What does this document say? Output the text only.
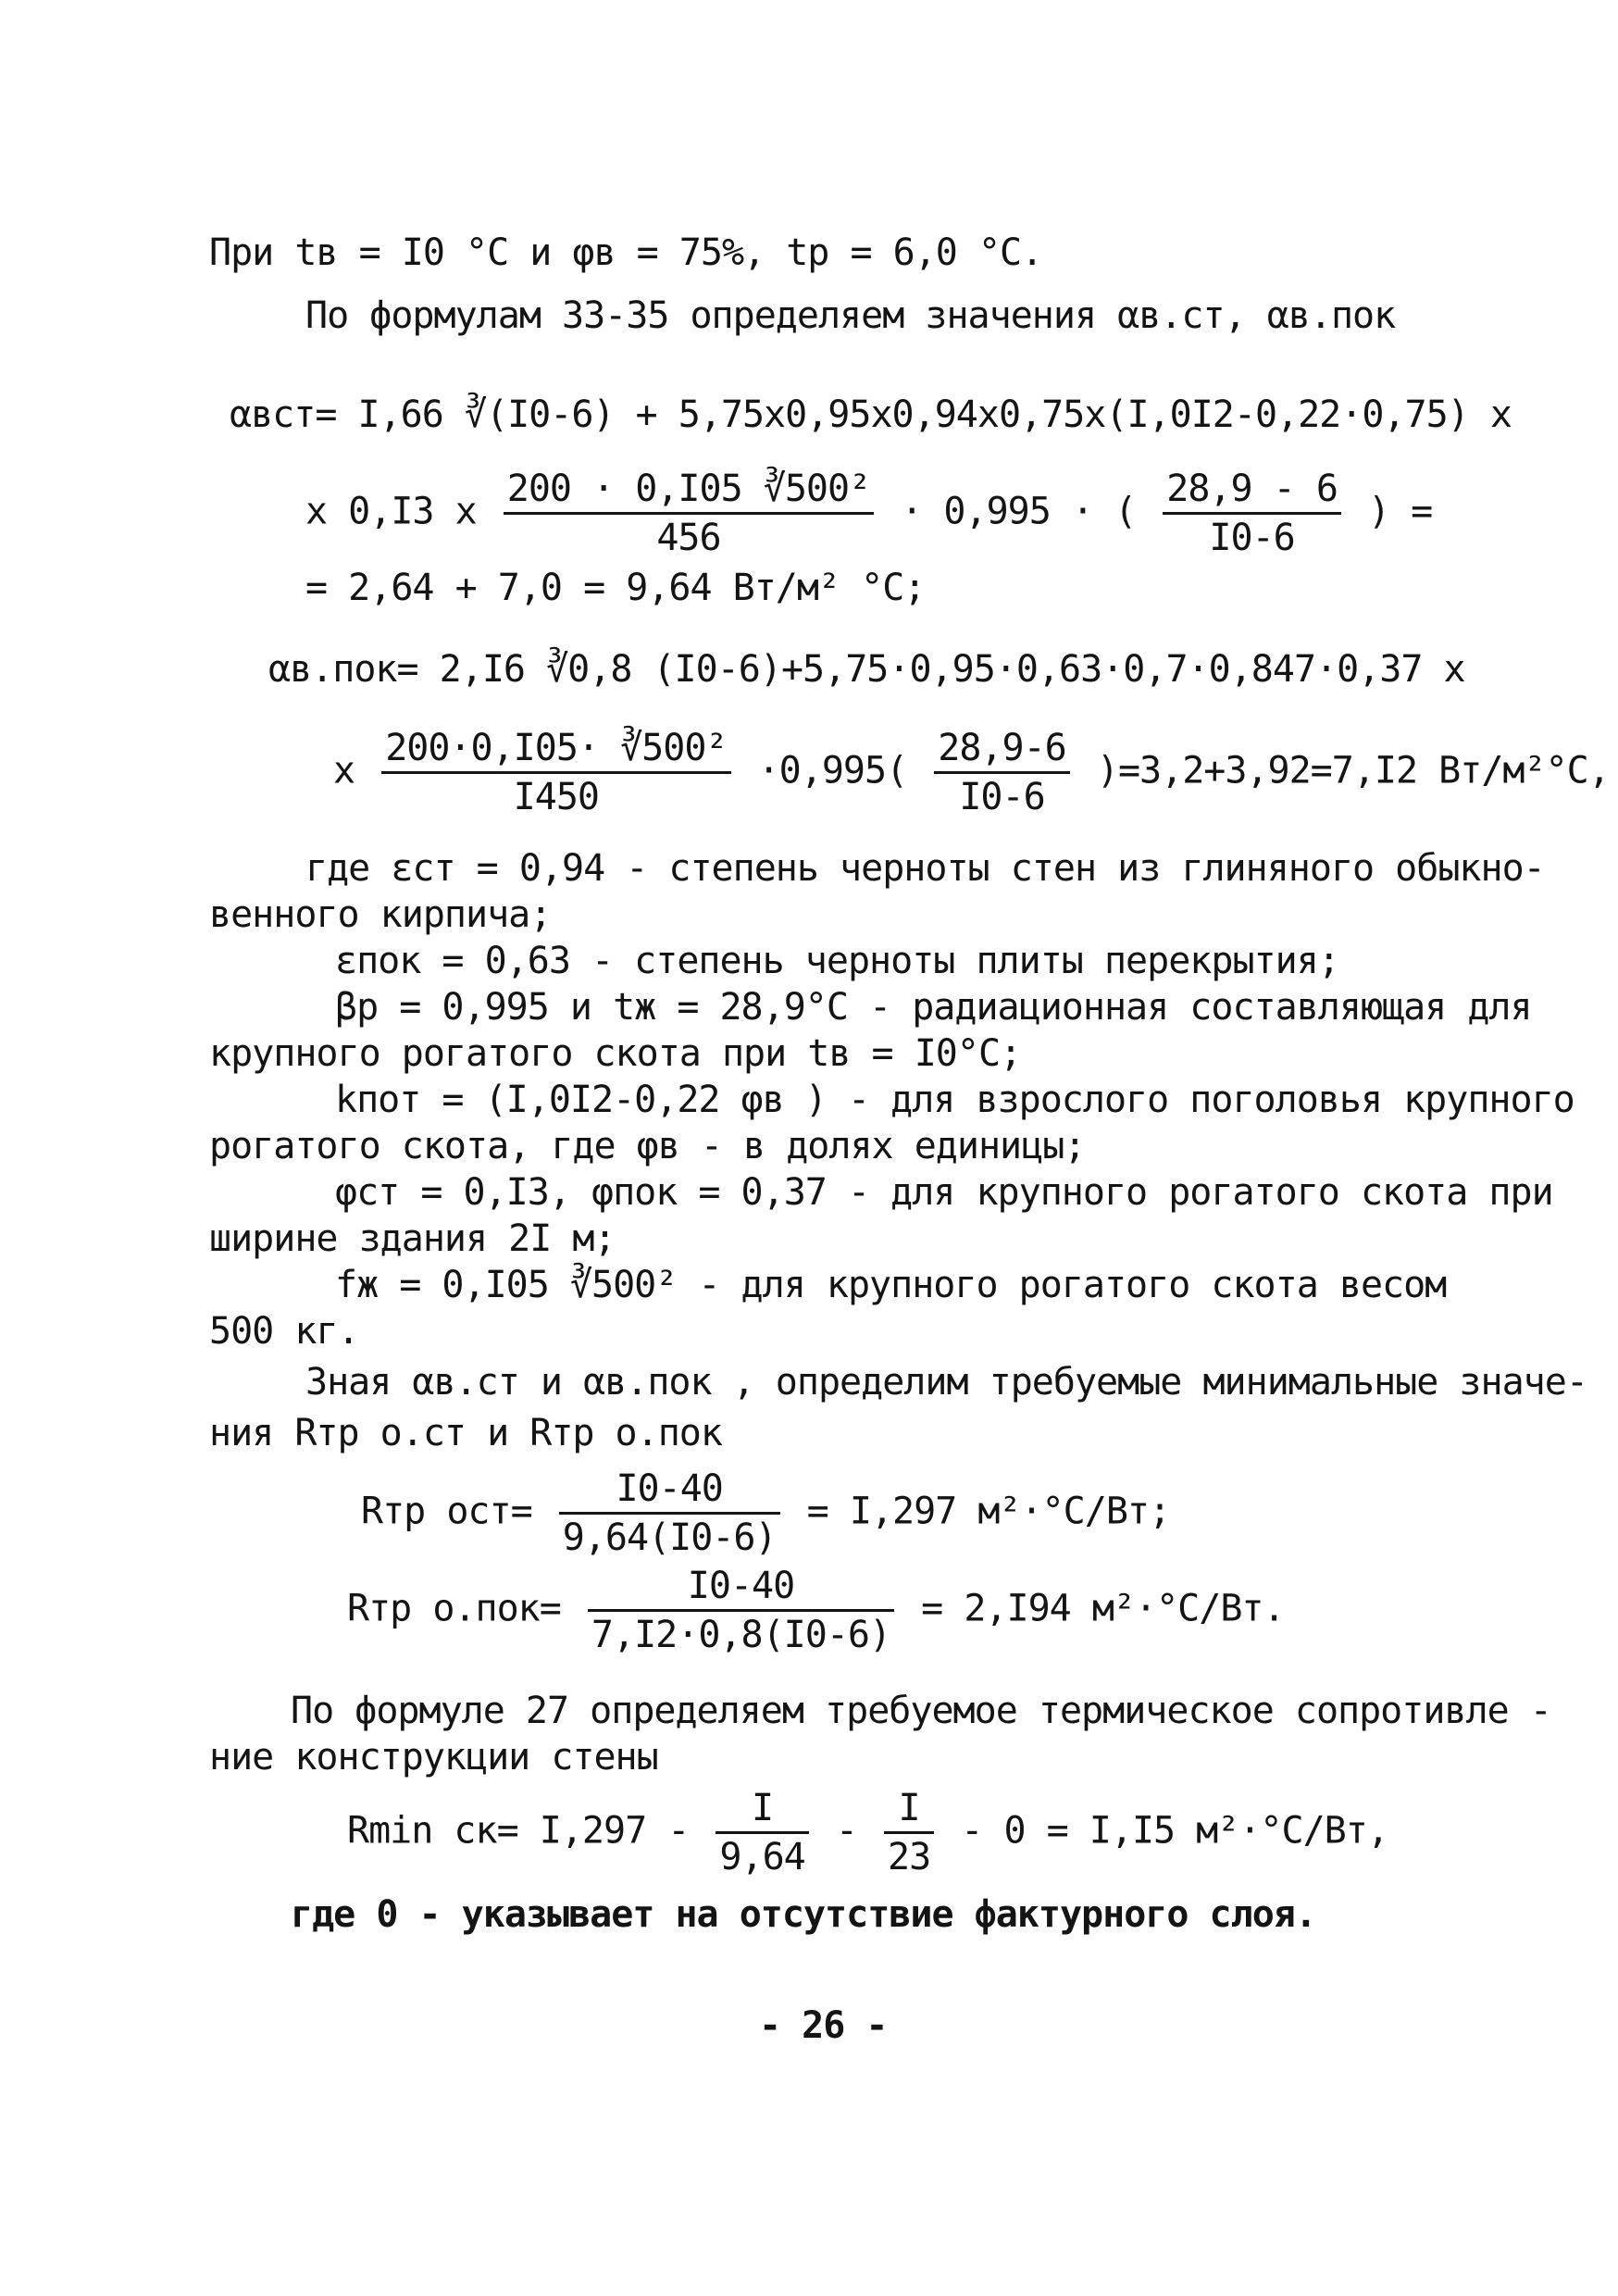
При tв = I0 °C и φв = 75%, tр = 6,0 °C.
По формулам 33-35 определяем значения αв.ст, αв.пок
αвст= I,66 ∛(I0-6) + 5,75x0,95x0,94x0,75x(I,0I2-0,22·0,75) x
x 0,I3 x $\frac{\text{200 · 0,I05 ∛500²}}{456} \cdot 0,995$ · ( $\frac{28,9 - 6}{I0-6}$ ) =
= 2,64 + 7,0 = 9,64 Вт/м² °С;
αв.пок= 2,I6 ∛0,8 (I0-6)+5,75·0,95·0,63·0,7·0,847·0,37 x
x $\frac{\text{200·0,I05· ∛500²}}{I450} \cdot 0,995( \frac{28,9-6}{I0-6} )=3,2+3,92=7,I2$ Вт/м²°С,
где εст = 0,94 - степень черноты стен из глиняного обыкно-
венного кирпича;
εпок = 0,63 - степень черноты плиты перекрытия;
βр = 0,995 и tж = 28,9°С - радиационная составляющая для
крупного рогатого скота при tв = I0°С;
kпот = (I,0I2-0,22 φв ) - для взрослого поголовья крупного
рогатого скота, где φв - в долях единицы;
φст = 0,I3, φпок = 0,37 - для крупного рогатого скота при
ширине здания 2I м;
fж = 0,I05 ∛500² - для крупного рогатого скота весом
500 кг.
Зная αв.ст и αв.пок , определим требуемые минимальные значе-
ния Rтр о.ст и Rтр о.пок
Rтр $ост= \frac{I0-40}{9,64(I0-6)} = I,297$ м²·°С/Вт;
Rтр $о.пок= \frac{I0-40}{7,I2\cdot 0,8(I0-6)} = 2,I94$ м²·°С/Вт.
По формуле 27 определяем требуемое термическое сопротивле -
ние конструкции стены
Rmin $ск= I,297 - \frac{I}{9,64} - \frac{I}{23} - 0 = I,I5$ м²·°С/Вт,
где 0 - указывает на отсутствие фактурного слоя.
- 26 -
